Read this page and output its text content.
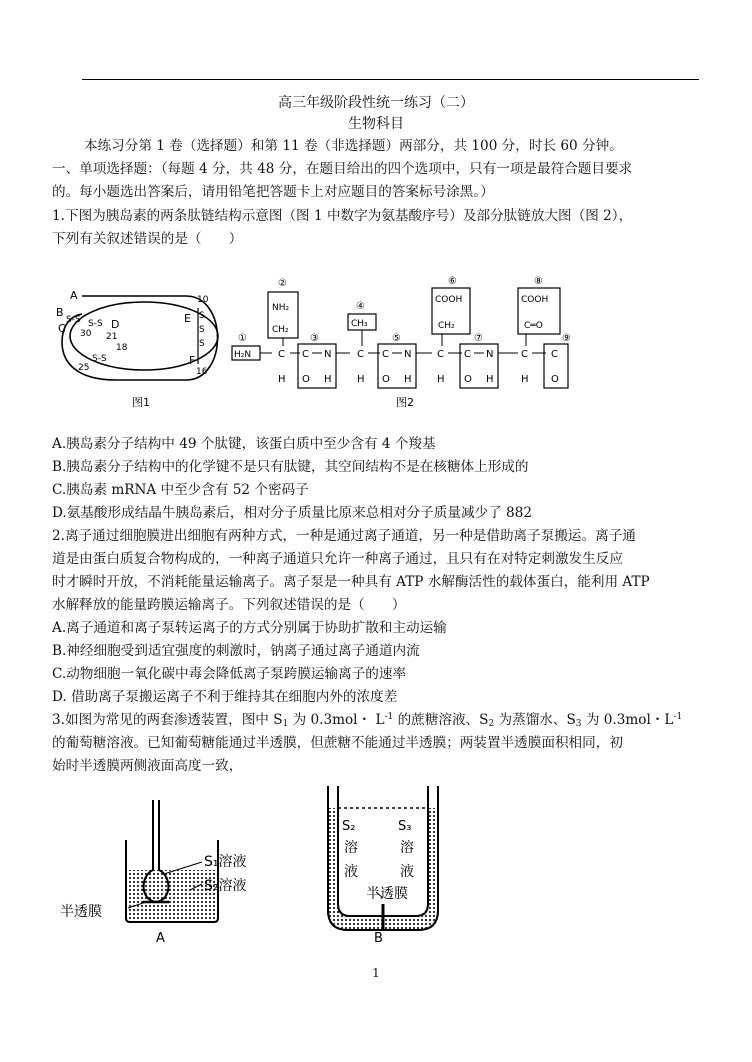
高三年级阶段性统一练习（二）
生物科目
本练习分第 1 卷（选择题）和第 11 卷（非选择题）两部分，共 100 分，时长 60 分钟。
一、单项选择题：（每题 4 分，共 48 分，在题目给出的四个选项中，只有一项是最符合题目要求
的。每小题选出答案后，请用铅笔把答题卡上对应题目的答案标号涂黑。）
1.下图为胰岛素的两条肽链结构示意图（图 1 中数字为氨基酸序号）及部分肽链放大图（图 2），
下列有关叙述错误的是（　　）
A
B
C	D	E
F
10
30 21
18
25	16
S-S S-S
S-S
S
S
S
图1
①
②
③
④
⑤
⑥
⑦
⑧
⑨
H₂N
NH₂
CH₂
C
H
C N
O H
CH₃
C
H
C N
O H
COOH
CH₂
C
H
C N
O H
COOH
C═O
C
H
C
O
图2
A.胰岛素分子结构中 49 个肽键，该蛋白质中至少含有 4 个羧基
B.胰岛素分子结构中的化学键不是只有肽键，其空间结构不是在核糖体上形成的
C.胰岛素 mRNA 中至少含有 52 个密码子
D.氨基酸形成结晶牛胰岛素后，相对分子质量比原来总相对分子质量减少了 882
2.离子通过细胞膜进出细胞有两种方式，一种是通过离子通道，另一种是借助离子泵搬运。离子通
道是由蛋白质复合物构成的，一种离子通道只允许一种离子通过，且只有在对特定刺激发生反应
时才瞬时开放，不消耗能量运输离子。离子泵是一种具有 ATP 水解酶活性的载体蛋白，能利用 ATP
水解释放的能量跨膜运输离子。下列叙述错误的是（　　）
A.离子通道和离子泵转运离子的方式分别属于协助扩散和主动运输
B.神经细胞受到适宜强度的刺激时，钠离子通过离子通道内流
C.动物细胞一氧化碳中毒会降低离子泵跨膜运输离子的速率
D. 借助离子泵搬运离子不利于维持其在细胞内外的浓度差
3.如图为常见的两套渗透装置，图中 $S_1$ 为 0.3mol・ $L^{-1}$ 的蔗糖溶液、$S_2$ 为蒸馏水、$S_3$ 为 0.3mol・$L^{-1}$
的葡萄糖溶液。已知葡萄糖能通过半透膜，但蔗糖不能通过半透膜；两装置半透膜面积相同，初
始时半透膜两侧液面高度一致，
S₁溶液
S₂溶液
半透膜
A
S₂	S₃
溶	溶
液	液
半透膜
B
1
